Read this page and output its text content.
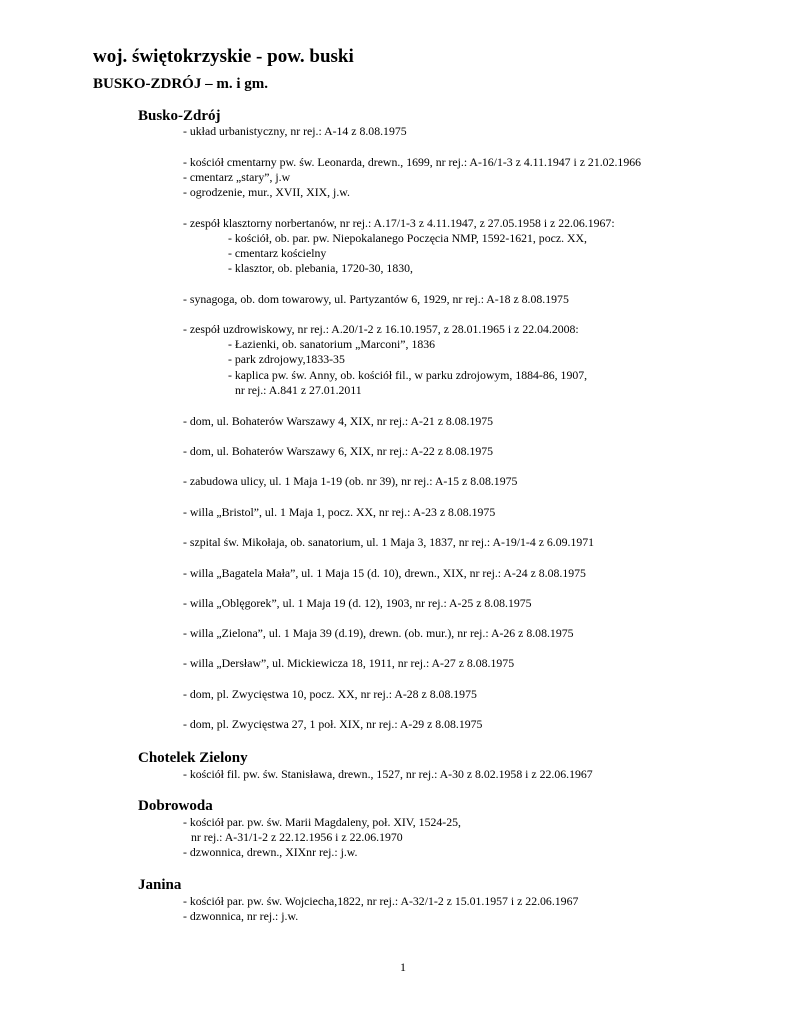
woj. świętokrzyskie - pow. buski
BUSKO-ZDRÓJ – m. i gm.
Busko-Zdrój
- układ urbanistyczny, nr rej.: A-14 z 8.08.1975
- kościół cmentarny pw. św. Leonarda, drewn., 1699, nr rej.: A-16/1-3 z 4.11.1947 i z 21.02.1966
- cmentarz „stary”, j.w
- ogrodzenie, mur., XVII, XIX, j.w.
- zespół klasztorny norbertanów, nr rej.: A.17/1-3 z 4.11.1947, z 27.05.1958 i z 22.06.1967:
- kościół, ob. par. pw. Niepokalanego Poczęcia NMP, 1592-1621, pocz. XX,
- cmentarz kościelny
- klasztor, ob. plebania, 1720-30, 1830,
- synagoga, ob. dom towarowy, ul. Partyzantów 6, 1929, nr rej.: A-18 z 8.08.1975
- zespół uzdrowiskowy, nr rej.: A.20/1-2 z 16.10.1957, z 28.01.1965 i z 22.04.2008:
- Łazienki, ob. sanatorium „Marconi”, 1836
- park zdrojowy,1833-35
- kaplica pw. św. Anny, ob. kościół fil., w parku zdrojowym, 1884-86, 1907,
nr rej.: A.841 z 27.01.2011
- dom, ul. Bohaterów Warszawy 4, XIX, nr rej.: A-21 z 8.08.1975
- dom, ul. Bohaterów Warszawy 6, XIX, nr rej.: A-22 z 8.08.1975
- zabudowa ulicy, ul. 1 Maja 1-19 (ob. nr 39), nr rej.: A-15 z 8.08.1975
- willa „Bristol”, ul. 1 Maja 1, pocz. XX, nr rej.: A-23 z 8.08.1975
- szpital św. Mikołaja, ob. sanatorium, ul. 1 Maja 3, 1837, nr rej.: A-19/1-4 z 6.09.1971
- willa „Bagatela Mała”, ul. 1 Maja 15 (d. 10), drewn., XIX, nr rej.: A-24 z 8.08.1975
- willa „Oblęgorek”, ul. 1 Maja 19 (d. 12), 1903, nr rej.: A-25 z 8.08.1975
- willa „Zielona”, ul. 1 Maja 39 (d.19), drewn. (ob. mur.), nr rej.: A-26 z 8.08.1975
- willa „Dersław”, ul. Mickiewicza 18, 1911, nr rej.: A-27 z 8.08.1975
- dom, pl. Zwycięstwa 10, pocz. XX, nr rej.: A-28 z 8.08.1975
- dom, pl. Zwycięstwa 27, 1 poł. XIX, nr rej.: A-29 z 8.08.1975
Chotelek Zielony
- kościół fil. pw. św. Stanisława, drewn., 1527, nr rej.: A-30 z 8.02.1958 i z 22.06.1967
Dobrowoda
- kościół par. pw. św. Marii Magdaleny, poł. XIV, 1524-25,
nr rej.: A-31/1-2 z 22.12.1956 i z 22.06.1970
- dzwonnica, drewn., XIXnr rej.: j.w.
Janina
- kościół par. pw. św. Wojciecha,1822, nr rej.: A-32/1-2 z 15.01.1957 i z 22.06.1967
- dzwonnica, nr rej.: j.w.
1
